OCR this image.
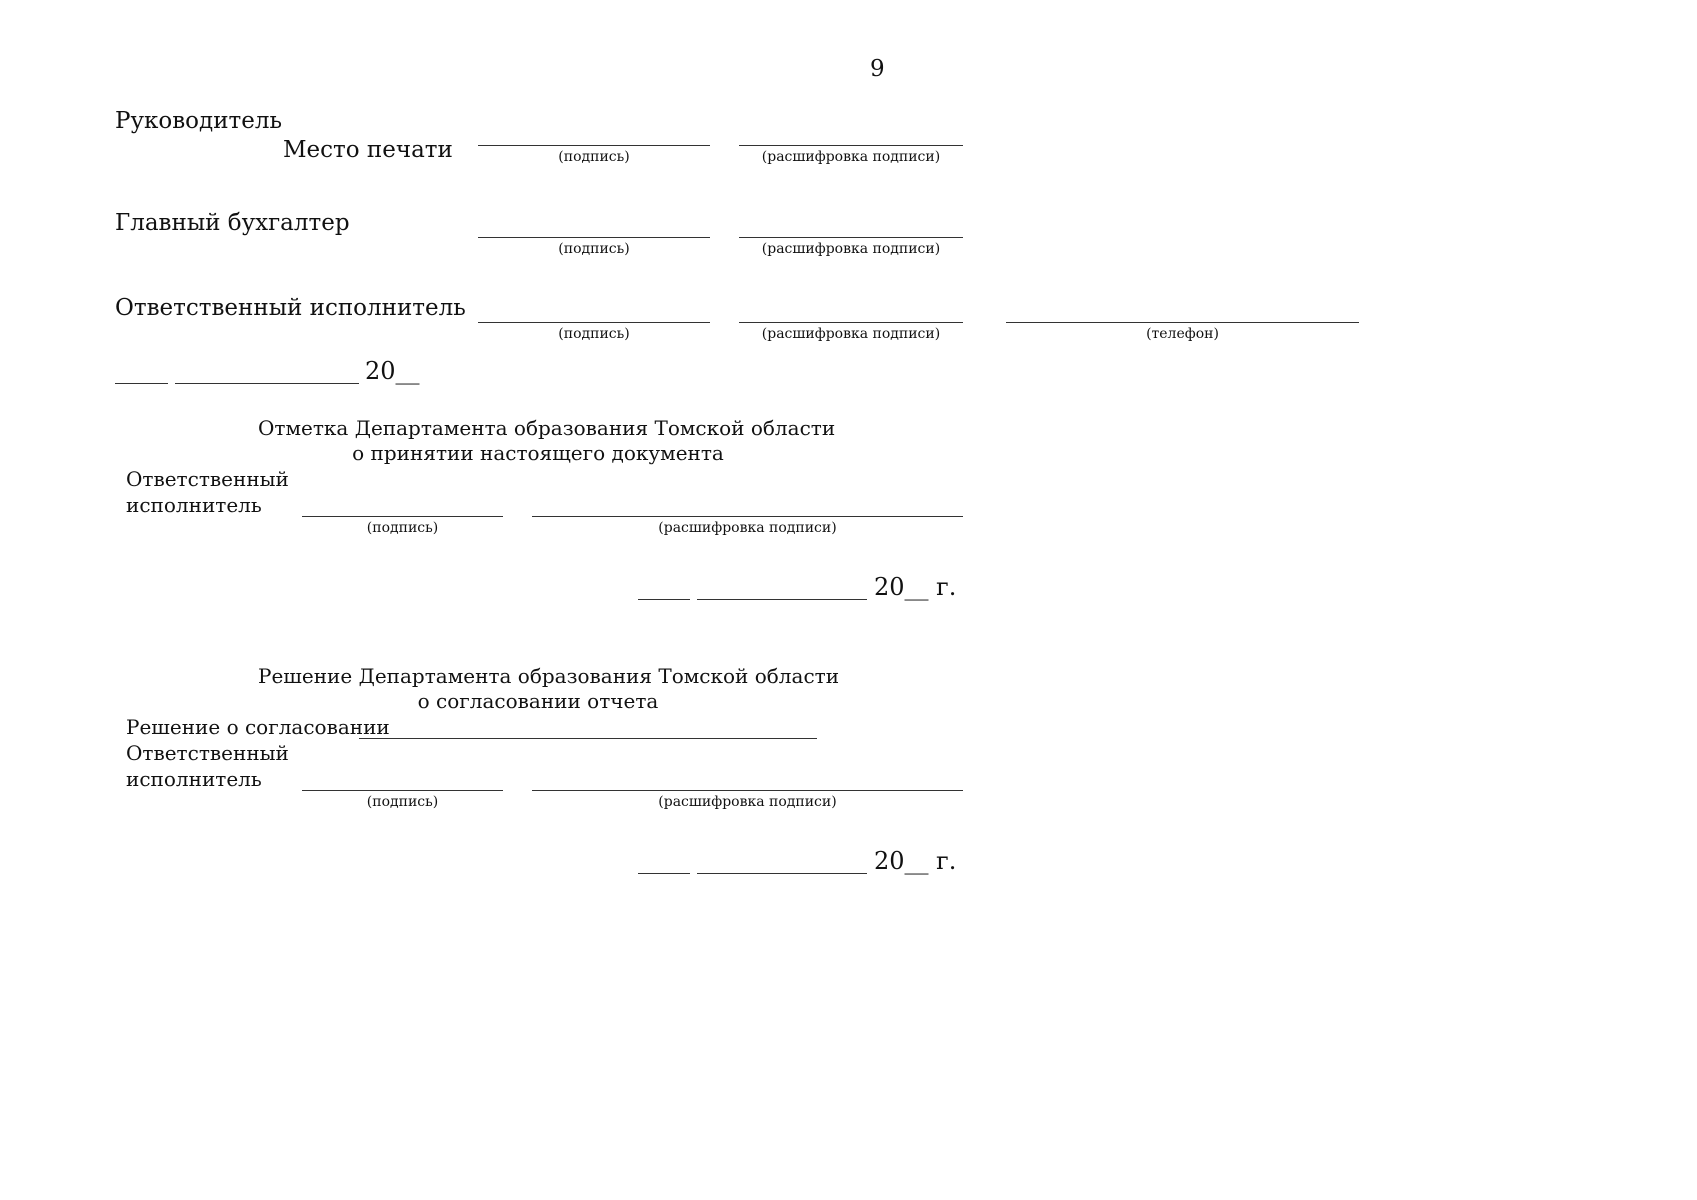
9
Руководитель
Место печати	(подпись)	(расшифровка подписи)
Главный бухгалтер
(подпись)	(расшифровка подписи)
Ответственный исполнитель
(подпись)	(расшифровка подписи)	(телефон)
20__
Отметка Департамента образования Томской области
о принятии настоящего документа
Ответственный
исполнитель
(подпись)	(расшифровка подписи)
20__ г.
Решение Департамента образования Томской области
о согласовании отчета
Решение о согласовании
Ответственный
исполнитель
(подпись)	(расшифровка подписи)
20__ г.
